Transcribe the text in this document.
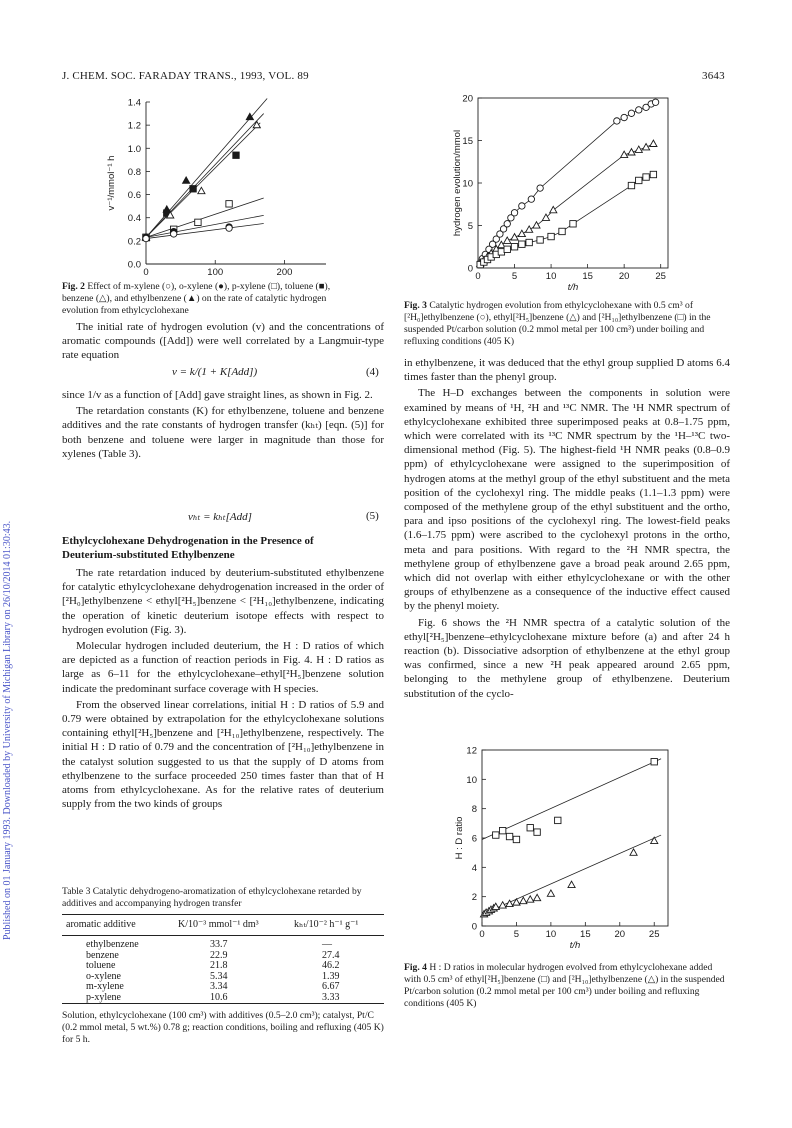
J. CHEM. SOC. FARADAY TRANS., 1993, VOL. 89	3643
Published on 01 January 1993. Downloaded by University of Michigan Library on 26/10/2014 01:30:43.
0.0
0.2
0.4
0.6
0.8
1.0
1.2
1.4
0	100	200
v⁻¹/mmol⁻¹ h
Fig. 2 Effect of m-xylene (○), o-xylene (●), p-xylene (□), toluene (■), benzene (△), and ethylbenzene (▲) on the rate of catalytic hydrogen evolution from ethylcyclohexane

The initial rate of hydrogen evolution (v) and the concentrations of aromatic compounds ([Add]) were well correlated by a Langmuir-type rate equation

v = k/(1 + K[Add])	(4)

since 1/v as a function of [Add] gave straight lines, as shown in Fig. 2.

The retardation constants (K) for ethylbenzene, toluene and benzene additives and the rate constants of hydrogen transfer (kₕₜ) [eqn. (5)] for both benzene and toluene were larger in magnitude than those for xylenes (Table 3).

vₕₜ = kₕₜ[Add]	(5)
Ethylcyclohexane Dehydrogenation in the Presence of Deuterium-substituted Ethylbenzene

The rate retardation induced by deuterium-substituted ethylbenzene for catalytic ethylcyclohexane dehydrogenation increased in the order of [²H₀]ethylbenzene < ethyl[²H₅]benzene < [²H₁₀]ethylbenzene, indicating the operation of kinetic deuterium isotope effects with respect to hydrogen evolution (Fig. 3).

Molecular hydrogen included deuterium, the H : D ratios of which are depicted as a function of reaction periods in Fig. 4. H : D ratios as large as 6–11 for the ethylcyclohexane–ethyl[²H₅]benzene solution indicate the predominant surface coverage with H species.

From the observed linear correlations, initial H : D ratios of 5.9 and 0.79 were obtained by extrapolation for the ethylcyclohexane solutions containing ethyl[²H₅]benzene and [²H₁₀]ethylbenzene, respectively. The initial H : D ratio of 0.79 and the concentration of [²H₁₀]ethylbenzene in the catalyst solution suggested to us that the supply of D atoms from ethylbenzene to the surface proceeded 250 times faster than that of H atoms from ethylcyclohexane. As for the relative rates of deuterium supply from the two kinds of groups

Table 3 Catalytic dehydrogeno-aromatization of ethylcyclohexane retarded by additives and accompanying hydrogen transfer
aromatic additive	K/10⁻³ mmol⁻¹ dm³	kₕₜ/10⁻² h⁻¹ g⁻¹
ethylbenzene	33.7	—
benzene	22.9	27.4
toluene	21.8	46.2
o-xylene	5.34	1.39
m-xylene	3.34	6.67
p-xylene	10.6	3.33
Solution, ethylcyclohexane (100 cm³) with additives (0.5–2.0 cm³); catalyst, Pt/C (0.2 mmol metal, 5 wt.%) 0.78 g; reaction conditions, boiling and refluxing (405 K) for 5 h.
0
5
10
15
20
0	5	10	15	20	25
t/h
hydrogen evolution/mmol
Fig. 3 Catalytic hydrogen evolution from ethylcyclohexane with 0.5 cm³ of [²H₀]ethylbenzene (○), ethyl[²H₅]benzene (△) and [²H₁₀]ethylbenzene (□) in the suspended Pt/carbon solution (0.2 mmol metal per 100 cm³) under boiling and refluxing conditions (405 K)

in ethylbenzene, it was deduced that the ethyl group supplied D atoms 6.4 times faster than the phenyl group.

The H–D exchanges between the components in solution were examined by means of ¹H, ²H and ¹³C NMR. The ¹H NMR spectrum of ethylcyclohexane exhibited three superimposed peaks at 0.8–1.75 ppm, which were correlated with its ¹³C NMR spectrum by the ¹H–¹³C two-dimensional method (Fig. 5). The highest-field ¹H NMR peaks (0.8–0.9 ppm) of ethylcyclohexane were assigned to the superimposition of hydrogen atoms at the methyl group of the ethyl substituent and the meta position of the cyclohexyl ring. The middle peaks (1.1–1.3 ppm) were composed of the methylene group of the ethyl substituent and the ortho, para and ipso positions of the cyclohexyl ring. The lowest-field peaks (1.6–1.75 ppm) were ascribed to the cyclohexyl protons in the ortho, meta and para positions. With regard to the ²H NMR spectra, the methylene group of ethylbenzene gave a broad peak around 2.65 ppm, which did not overlap with either ethylcyclohexane or with the other groups of ethylbenzene as a consequence of the inductive effect caused by the phenyl moiety.

Fig. 6 shows the ²H NMR spectra of a catalytic solution of the ethyl[²H₅]benzene–ethylcyclohexane mixture before (a) and after 24 h reaction (b). Dissociative adsorption of ethylbenzene at the ethyl group was confirmed, since a new ²H peak appeared around 2.65 ppm, belonging to the methylene group of ethylbenzene. Deuterium substitution of the cyclo-

0
2
4
6
8
10
12
0	5	10	15	20	25
t/h
H : D ratio
Fig. 4 H : D ratios in molecular hydrogen evolved from ethylcyclohexane added with 0.5 cm³ of ethyl[²H₅]benzene (□) and [²H₁₀]ethylbenzene (△) in the suspended Pt/carbon solution (0.2 mmol metal per 100 cm³) under boiling and refluxing conditions (405 K)
